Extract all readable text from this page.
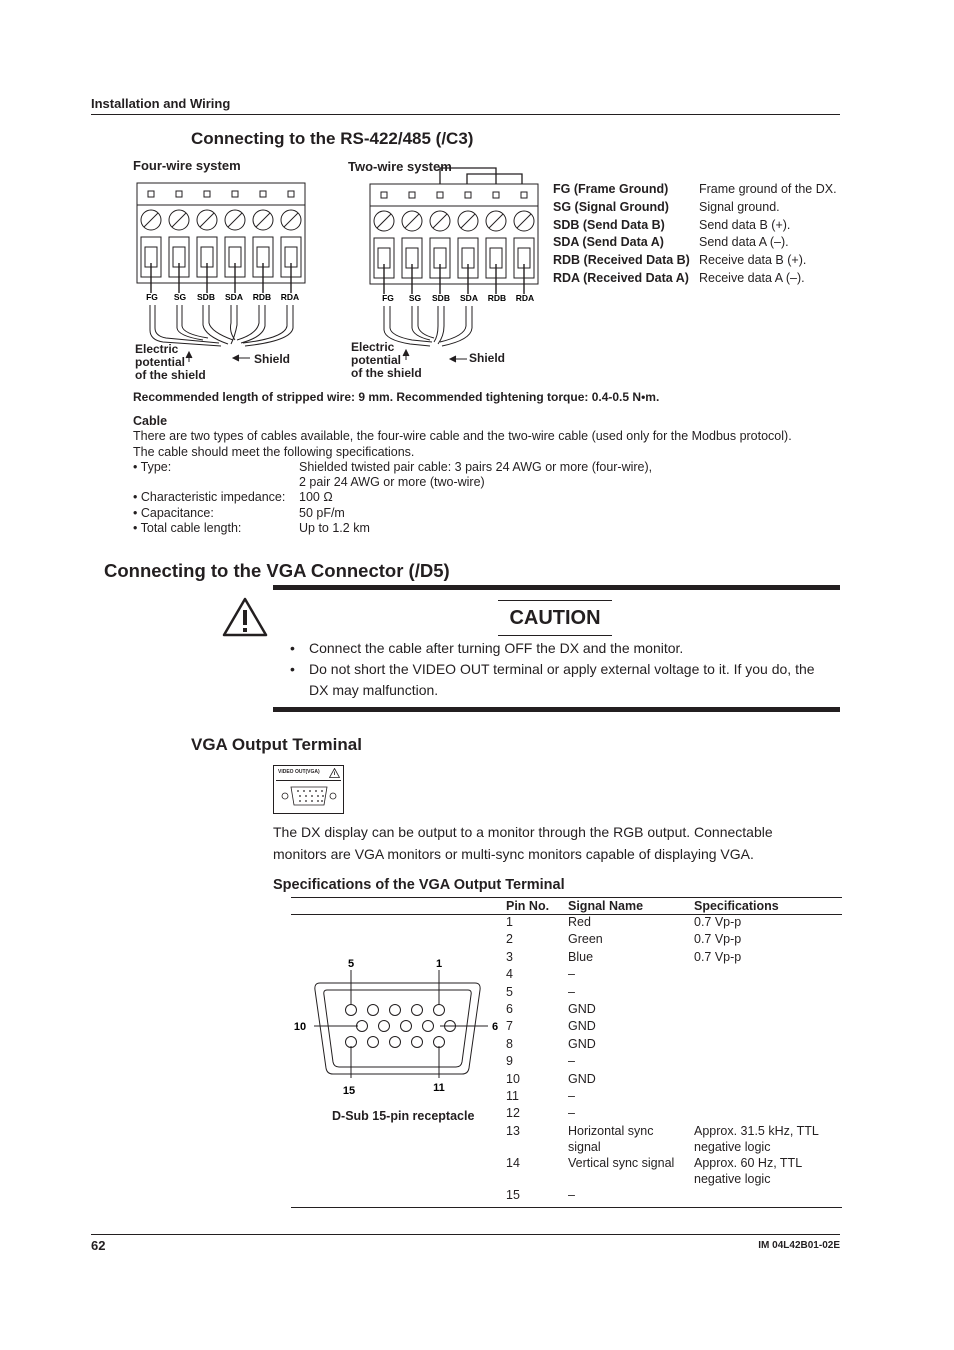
Installation and Wiring
Connecting to the RS-422/485 (/C3)
Four-wire system	Two-wire system
FG SG SDB SDA RDB RDA
Electric
potential
of the shield
Shield
FG SG SDB SDA RDB RDA
Electric
potential
of the shield
Shield
FG (Frame Ground) Frame ground of the DX.
SG (Signal Ground) Signal ground.
SDB (Send Data B)	Send data B (+).
SDA (Send Data A)	Send data A (–).
RDB (Received Data B) Receive data B (+).
RDA (Received Data A) Receive data A (–).
Recommended length of stripped wire: 9 mm. Recommended tightening torque: 0.4-0.5 N•m.
Cable
There are two types of cables available, the four-wire cable and the two-wire cable (used only for the Modbus protocol).
The cable should meet the following specifications.
• Type:	Shielded twisted pair cable: 3 pairs 24 AWG or more (four-wire),
2 pair 24 AWG or more (two-wire)
• Characteristic impedance: 100 Ω
• Capacitance:	50 pF/m
• Total cable length:	Up to 1.2 km
Connecting to the VGA Connector (/D5)
CAUTION
• Connect the cable after turning OFF the DX and the monitor.
• Do not short the VIDEO OUT terminal or apply external voltage to it. If you do, the DX may malfunction.
VGA Output Terminal
VIDEO OUT(VGA)
The DX display can be output to a monitor through the RGB output. Connectable monitors are VGA monitors or multi-sync monitors capable of displaying VGA.
Specifications of the VGA Output Terminal
Pin No.	Signal Name	Specifications
1	Red	0.7 Vp-p
2	Green	0.7 Vp-p
3	Blue	0.7 Vp-p
4	–	
5	–	
6	GND	
7	GND	
8	GND	
9	–	
10	GND	
11	–	
12	–	
13	Horizontal sync signal	Approx. 31.5 kHz, TTL negative logic
14	Vertical sync signal	Approx. 60 Hz, TTL negative logic
15	–	
5	1
10	6
15	11
D-Sub 15-pin receptacle
62	IM 04L42B01-02E
